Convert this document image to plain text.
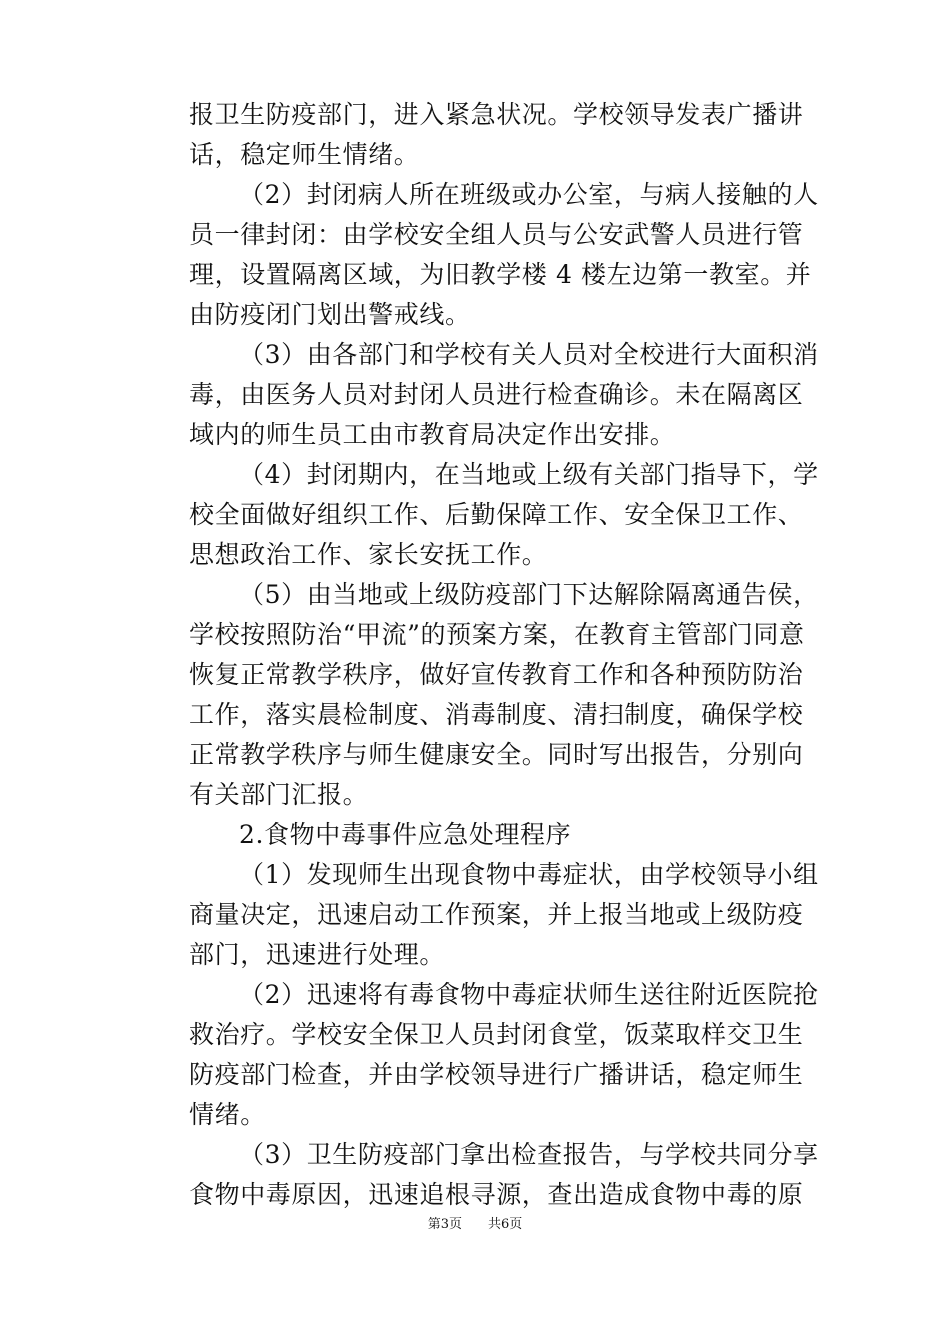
报卫生防疫部门，进入紧急状况。学校领导发表广播讲
话，稳定师生情绪。
（2）封闭病人所在班级或办公室，与病人接触的人
员一律封闭：由学校安全组人员与公安武警人员进行管
理，设置隔离区域，为旧教学楼 4 楼左边第一教室。并
由防疫闭门划出警戒线。
（3）由各部门和学校有关人员对全校进行大面积消
毒，由医务人员对封闭人员进行检查确诊。未在隔离区
域内的师生员工由市教育局决定作出安排。
（4）封闭期内，在当地或上级有关部门指导下，学
校全面做好组织工作、后勤保障工作、安全保卫工作、
思想政治工作、家长安抚工作。
（5）由当地或上级防疫部门下达解除隔离通告侯，
学校按照防治“甲流”的预案方案，在教育主管部门同意
恢复正常教学秩序，做好宣传教育工作和各种预防防治
工作，落实晨检制度、消毒制度、清扫制度，确保学校
正常教学秩序与师生健康安全。同时写出报告，分别向
有关部门汇报。
2.食物中毒事件应急处理程序
（1）发现师生出现食物中毒症状，由学校领导小组
商量决定，迅速启动工作预案，并上报当地或上级防疫
部门，迅速进行处理。
（2）迅速将有毒食物中毒症状师生送往附近医院抢
救治疗。学校安全保卫人员封闭食堂，饭菜取样交卫生
防疫部门检查，并由学校领导进行广播讲话，稳定师生
情绪。
（3）卫生防疫部门拿出检查报告，与学校共同分享
食物中毒原因，迅速追根寻源，查出造成食物中毒的原
第3页 共6页
